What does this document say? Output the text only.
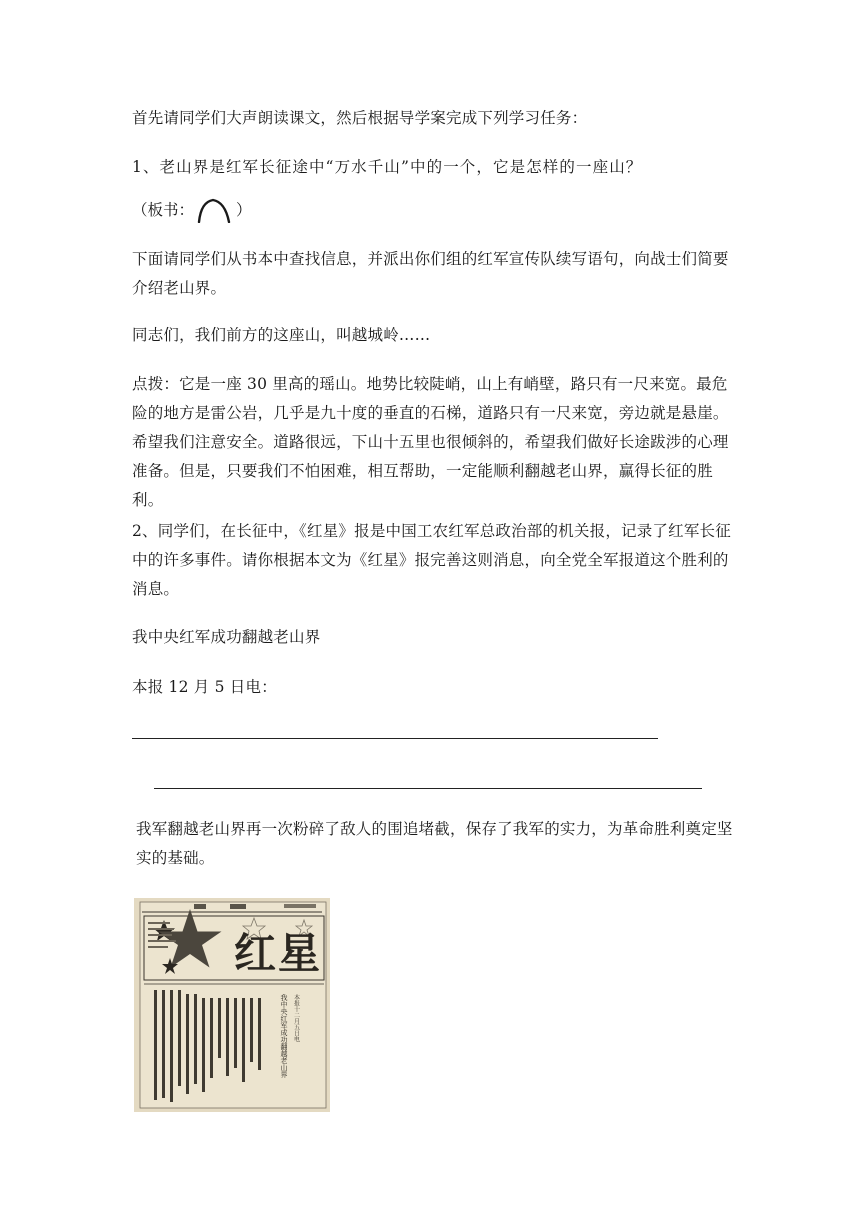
首先请同学们大声朗读课文，然后根据导学案完成下列学习任务：

1、老山界是红军长征途中“万水千山”中的一个，它是怎样的一座山？

（板书：	）

下面请同学们从书本中查找信息，并派出你们组的红军宣传队续写语句，向战士们简要介绍老山界。

同志们，我们前方的这座山，叫越城岭……

点拨：它是一座 30 里高的瑶山。地势比较陡峭，山上有峭壁，路只有一尺来宽。最危险的地方是雷公岩，几乎是九十度的垂直的石梯，道路只有一尺来宽，旁边就是悬崖。希望我们注意安全。道路很远，下山十五里也很倾斜的，希望我们做好长途跋涉的心理准备。但是，只要我们不怕困难，相互帮助，一定能顺利翻越老山界，赢得长征的胜利。

2、同学们，在长征中，《红星》报是中国工农红军总政治部的机关报，记录了红军长征中的许多事件。请你根据本文为《红星》报完善这则消息，向全党全军报道这个胜利的消息。

我中央红军成功翻越老山界

本报 12 月 5 日电：

我军翻越老山界再一次粉碎了敌人的围追堵截，保存了我军的实力，为革命胜利奠定坚实的基础。

红星
我中央红军成功翻越老山界 本报十二月五日电
